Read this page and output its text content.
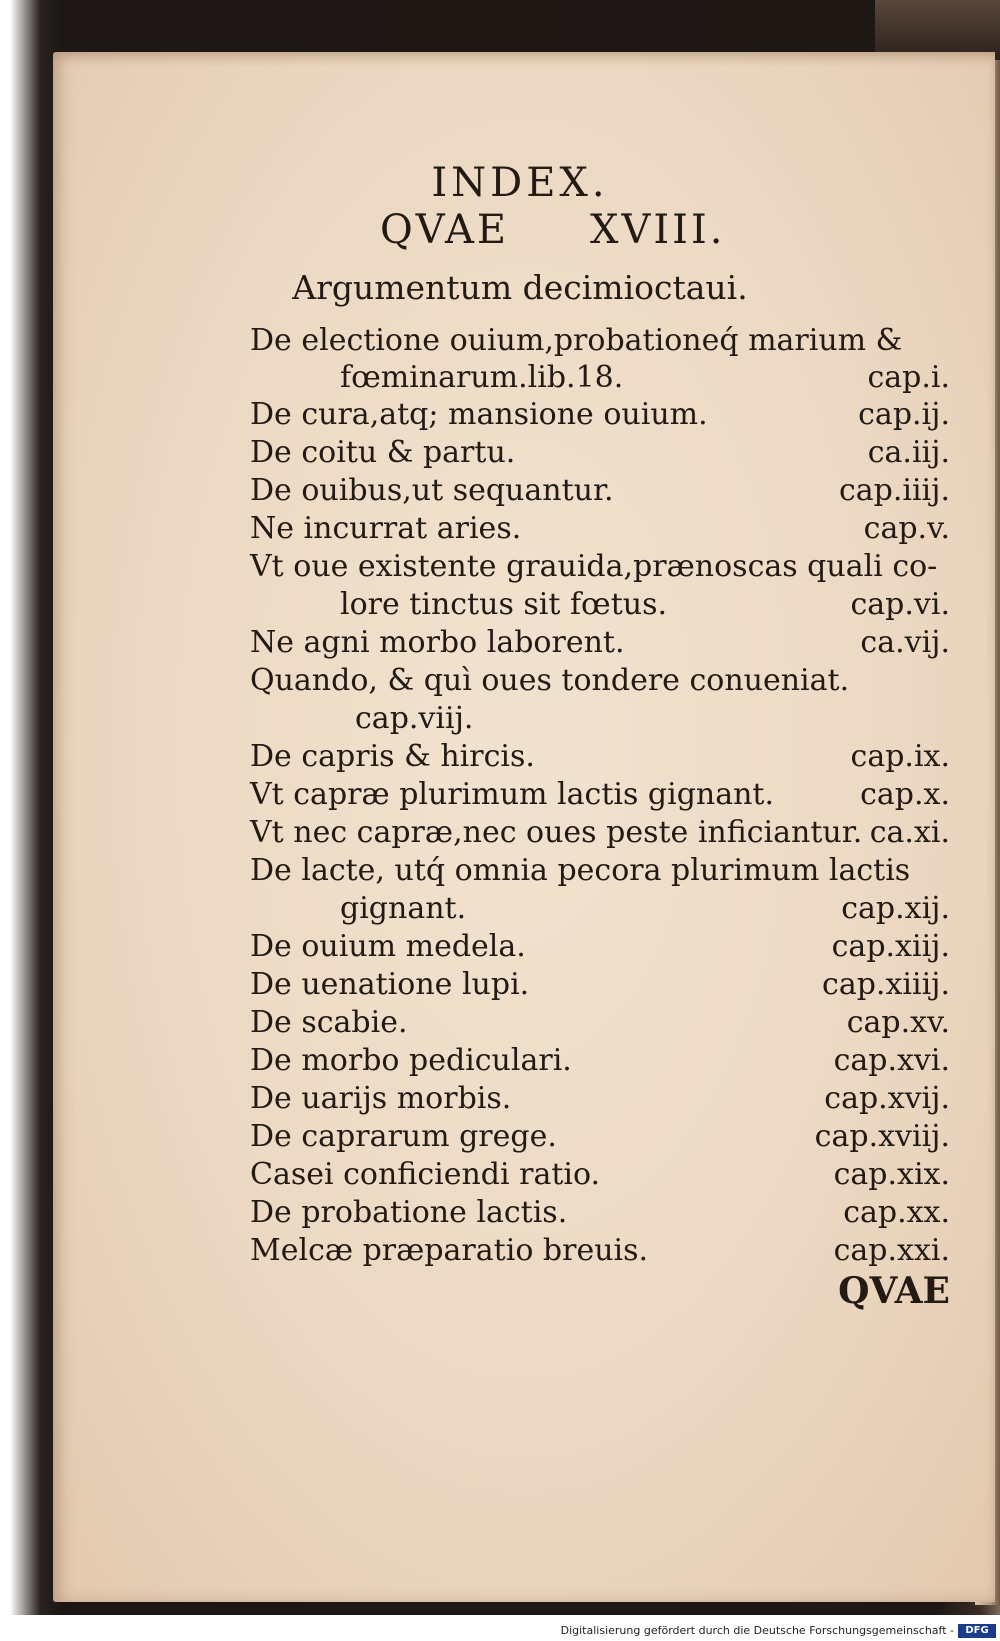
INDEX.
QVAE XVIII.
Argumentum decimioctaui.
De electione ouium,probationeq́ marium &
fœminarum.lib.18.	cap.i.
De cura,atq; mansione ouium.	cap.ij.
De coitu & partu.	ca.iij.
De ouibus,ut sequantur.	cap.iiij.
Ne incurrat aries.	cap.v.
Vt oue existente grauida,prænoscas quali co-
lore tinctus sit fœtus.	cap.vi.
Ne agni morbo laborent.	ca.vij.
Quando, & quì oues tondere conueniat.
cap.viij.
De capris & hircis.	cap.ix.
Vt capræ plurimum lactis gignant.	cap.x.
Vt nec capræ,nec oues peste inficiantur. ca.xi.
De lacte, utq́ omnia pecora plurimum lactis
gignant.	cap.xij.
De ouium medela.	cap.xiij.
De uenatione lupi.	cap.xiiij.
De scabie.	cap.xv.
De morbo pediculari.	cap.xvi.
De uarijs morbis.	cap.xvij.
De caprarum grege.	cap.xviij.
Casei conficiendi ratio.	cap.xix.
De probatione lactis.	cap.xx.
Melcæ præparatio breuis.	cap.xxi.
QVAE
Digitalisierung gefördert durch die Deutsche Forschungsgemeinschaft -	DFG
